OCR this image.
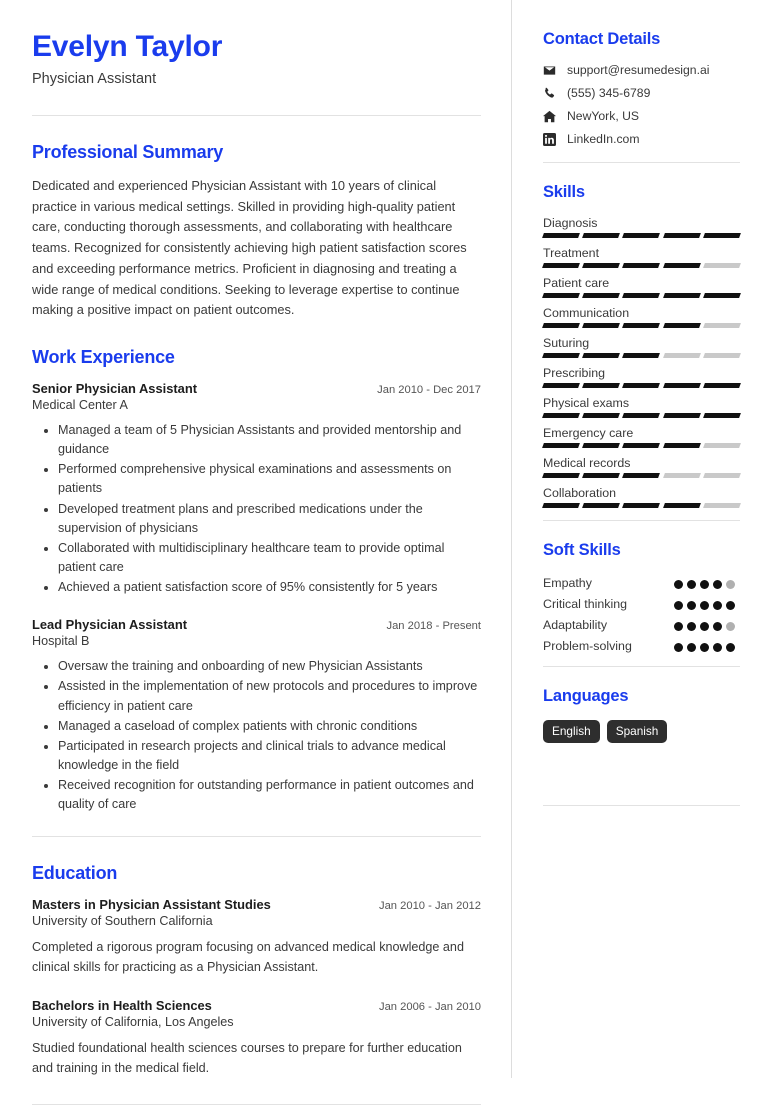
Evelyn Taylor
Physician Assistant
Professional Summary
Dedicated and experienced Physician Assistant with 10 years of clinical practice in various medical settings. Skilled in providing high-quality patient care, conducting thorough assessments, and collaborating with healthcare teams. Recognized for consistently achieving high patient satisfaction scores and exceeding performance metrics. Proficient in diagnosing and treating a wide range of medical conditions. Seeking to leverage expertise to continue making a positive impact on patient outcomes.
Work Experience
Senior Physician Assistant	Jan 2010 - Dec 2017
Medical Center A
• Managed a team of 5 Physician Assistants and provided mentorship and guidance
• Performed comprehensive physical examinations and assessments on patients
• Developed treatment plans and prescribed medications under the supervision of physicians
• Collaborated with multidisciplinary healthcare team to provide optimal patient care
• Achieved a patient satisfaction score of 95% consistently for 5 years
Lead Physician Assistant	Jan 2018 - Present
Hospital B
• Oversaw the training and onboarding of new Physician Assistants
• Assisted in the implementation of new protocols and procedures to improve efficiency in patient care
• Managed a caseload of complex patients with chronic conditions
• Participated in research projects and clinical trials to advance medical knowledge in the field
• Received recognition for outstanding performance in patient outcomes and quality of care
Education
Masters in Physician Assistant Studies	Jan 2010 - Jan 2012
University of Southern California
Completed a rigorous program focusing on advanced medical knowledge and clinical skills for practicing as a Physician Assistant.
Bachelors in Health Sciences	Jan 2006 - Jan 2010
University of California, Los Angeles
Studied foundational health sciences courses to prepare for further education and training in the medical field.
Contact Details
support@resumedesign.ai
(555) 345-6789
NewYork, US
LinkedIn.com
Skills
Diagnosis
Treatment
Patient care
Communication
Suturing
Prescribing
Physical exams
Emergency care
Medical records
Collaboration
Soft Skills
Empathy
Critical thinking
Adaptability
Problem-solving
Languages
English	Spanish
